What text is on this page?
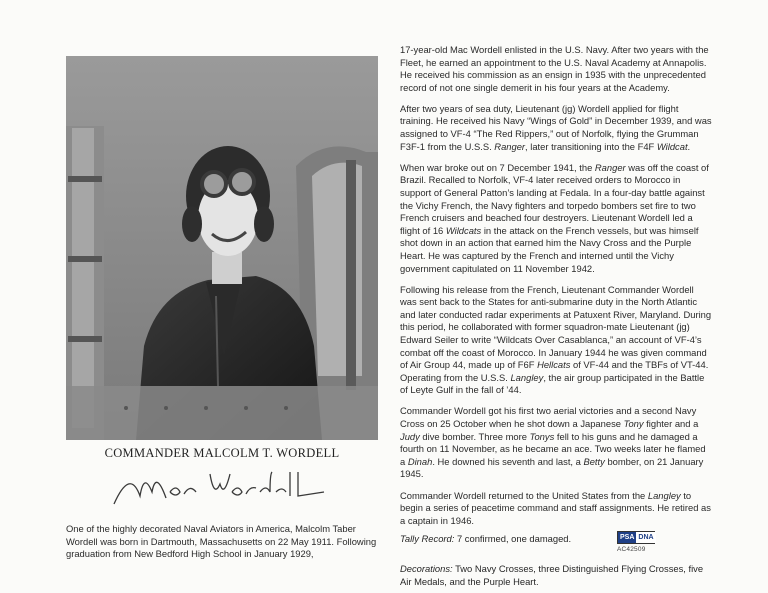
COMMANDER MALCOLM T. WORDELL

One of the highly decorated Naval Aviators in America, Malcolm Taber Wordell was born in Dartmouth, Massachusetts on 22 May 1911. Following graduation from New Bedford High School in January 1929,

17-year-old Mac Wordell enlisted in the U.S. Navy. After two years with the Fleet, he earned an appointment to the U.S. Naval Academy at Annapolis. He received his commission as an ensign in 1935 with the unprecedented record of not one single demerit in his four years at the Academy.

After two years of sea duty, Lieutenant (jg) Wordell applied for flight training. He received his Navy “Wings of Gold” in December 1939, and was assigned to VF-4 “The Red Rippers,” out of Norfolk, flying the Grumman F3F-1 from the U.S.S. Ranger, later transitioning into the F4F Wildcat.

When war broke out on 7 December 1941, the Ranger was off the coast of Brazil. Recalled to Norfolk, VF-4 later received orders to Morocco in support of General Patton’s landing at Fedala. In a four-day battle against the Vichy French, the Navy fighters and torpedo bombers set fire to two French cruisers and beached four destroyers. Lieutenant Wordell led a flight of 16 Wildcats in the attack on the French vessels, but was himself shot down in an action that earned him the Navy Cross and the Purple Heart. He was captured by the French and interned until the Vichy government capitulated on 11 November 1942.

Following his release from the French, Lieutenant Commander Wordell was sent back to the States for anti-submarine duty in the North Atlantic and later conducted radar experiments at Patuxent River, Maryland. During this period, he collaborated with former squadron-mate Lieutenant (jg) Edward Seiler to write “Wildcats Over Casablanca,” an account of VF-4’s combat off the coast of Morocco. In January 1944 he was given command of Air Group 44, made up of F6F Hellcats of VF-44 and the TBFs of VT-44. Operating from the U.S.S. Langley, the air group participated in the Battle of Leyte Gulf in the fall of ’44.

Commander Wordell got his first two aerial victories and a second Navy Cross on 25 October when he shot down a Japanese Tony fighter and a Judy dive bomber. Three more Tonys fell to his guns and he damaged a fourth on 11 November, as he became an ace. Two weeks later he flamed a Dinah. He downed his seventh and last, a Betty bomber, on 21 January 1945.

Commander Wordell returned to the United States from the Langley to begin a series of peacetime command and staff assignments. He retired as a captain in 1946.

Tally Record: 7 confirmed, one damaged.	PSA DNA
AC42509
Decorations: Two Navy Crosses, three Distinguished Flying Crosses, five Air Medals, and the Purple Heart.
